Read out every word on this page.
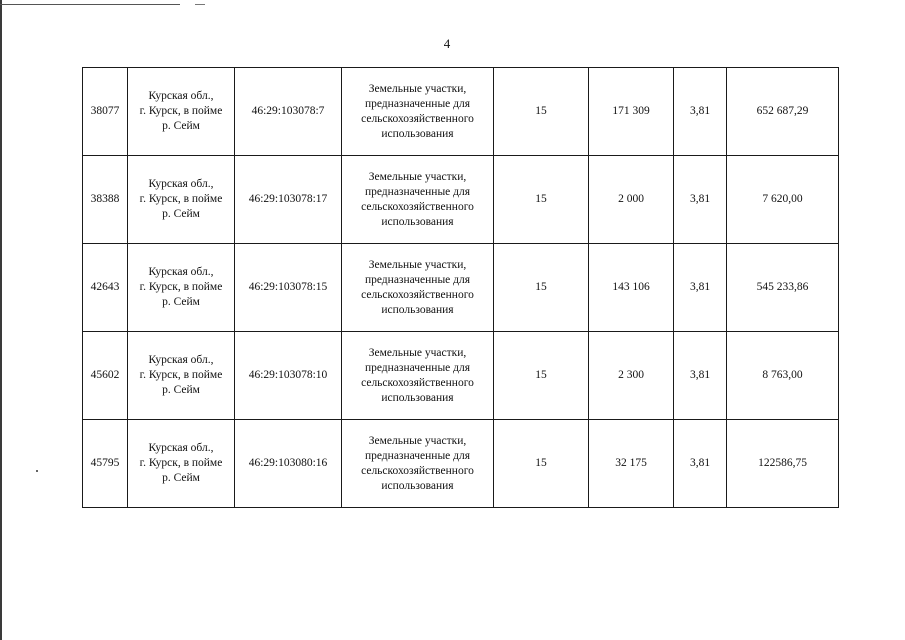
4
38077	Курская обл.,
г. Курск, в пойме
р. Сейм	46:29:103078:7	Земельные участки,
предназначенные для
сельскохозяйственного
использования	15	171 309	3,81	652 687,29
38388	Курская обл.,
г. Курск, в пойме
р. Сейм	46:29:103078:17	Земельные участки,
предназначенные для
сельскохозяйственного
использования	15	2 000	3,81	7 620,00
42643	Курская обл.,
г. Курск, в пойме
р. Сейм	46:29:103078:15	Земельные участки,
предназначенные для
сельскохозяйственного
использования	15	143 106	3,81	545 233,86
45602	Курская обл.,
г. Курск, в пойме
р. Сейм	46:29:103078:10	Земельные участки,
предназначенные для
сельскохозяйственного
использования	15	2 300	3,81	8 763,00
45795	Курская обл.,
г. Курск, в пойме
р. Сейм	46:29:103080:16	Земельные участки,
предназначенные для
сельскохозяйственного
использования	15	32 175	3,81	122586,75
